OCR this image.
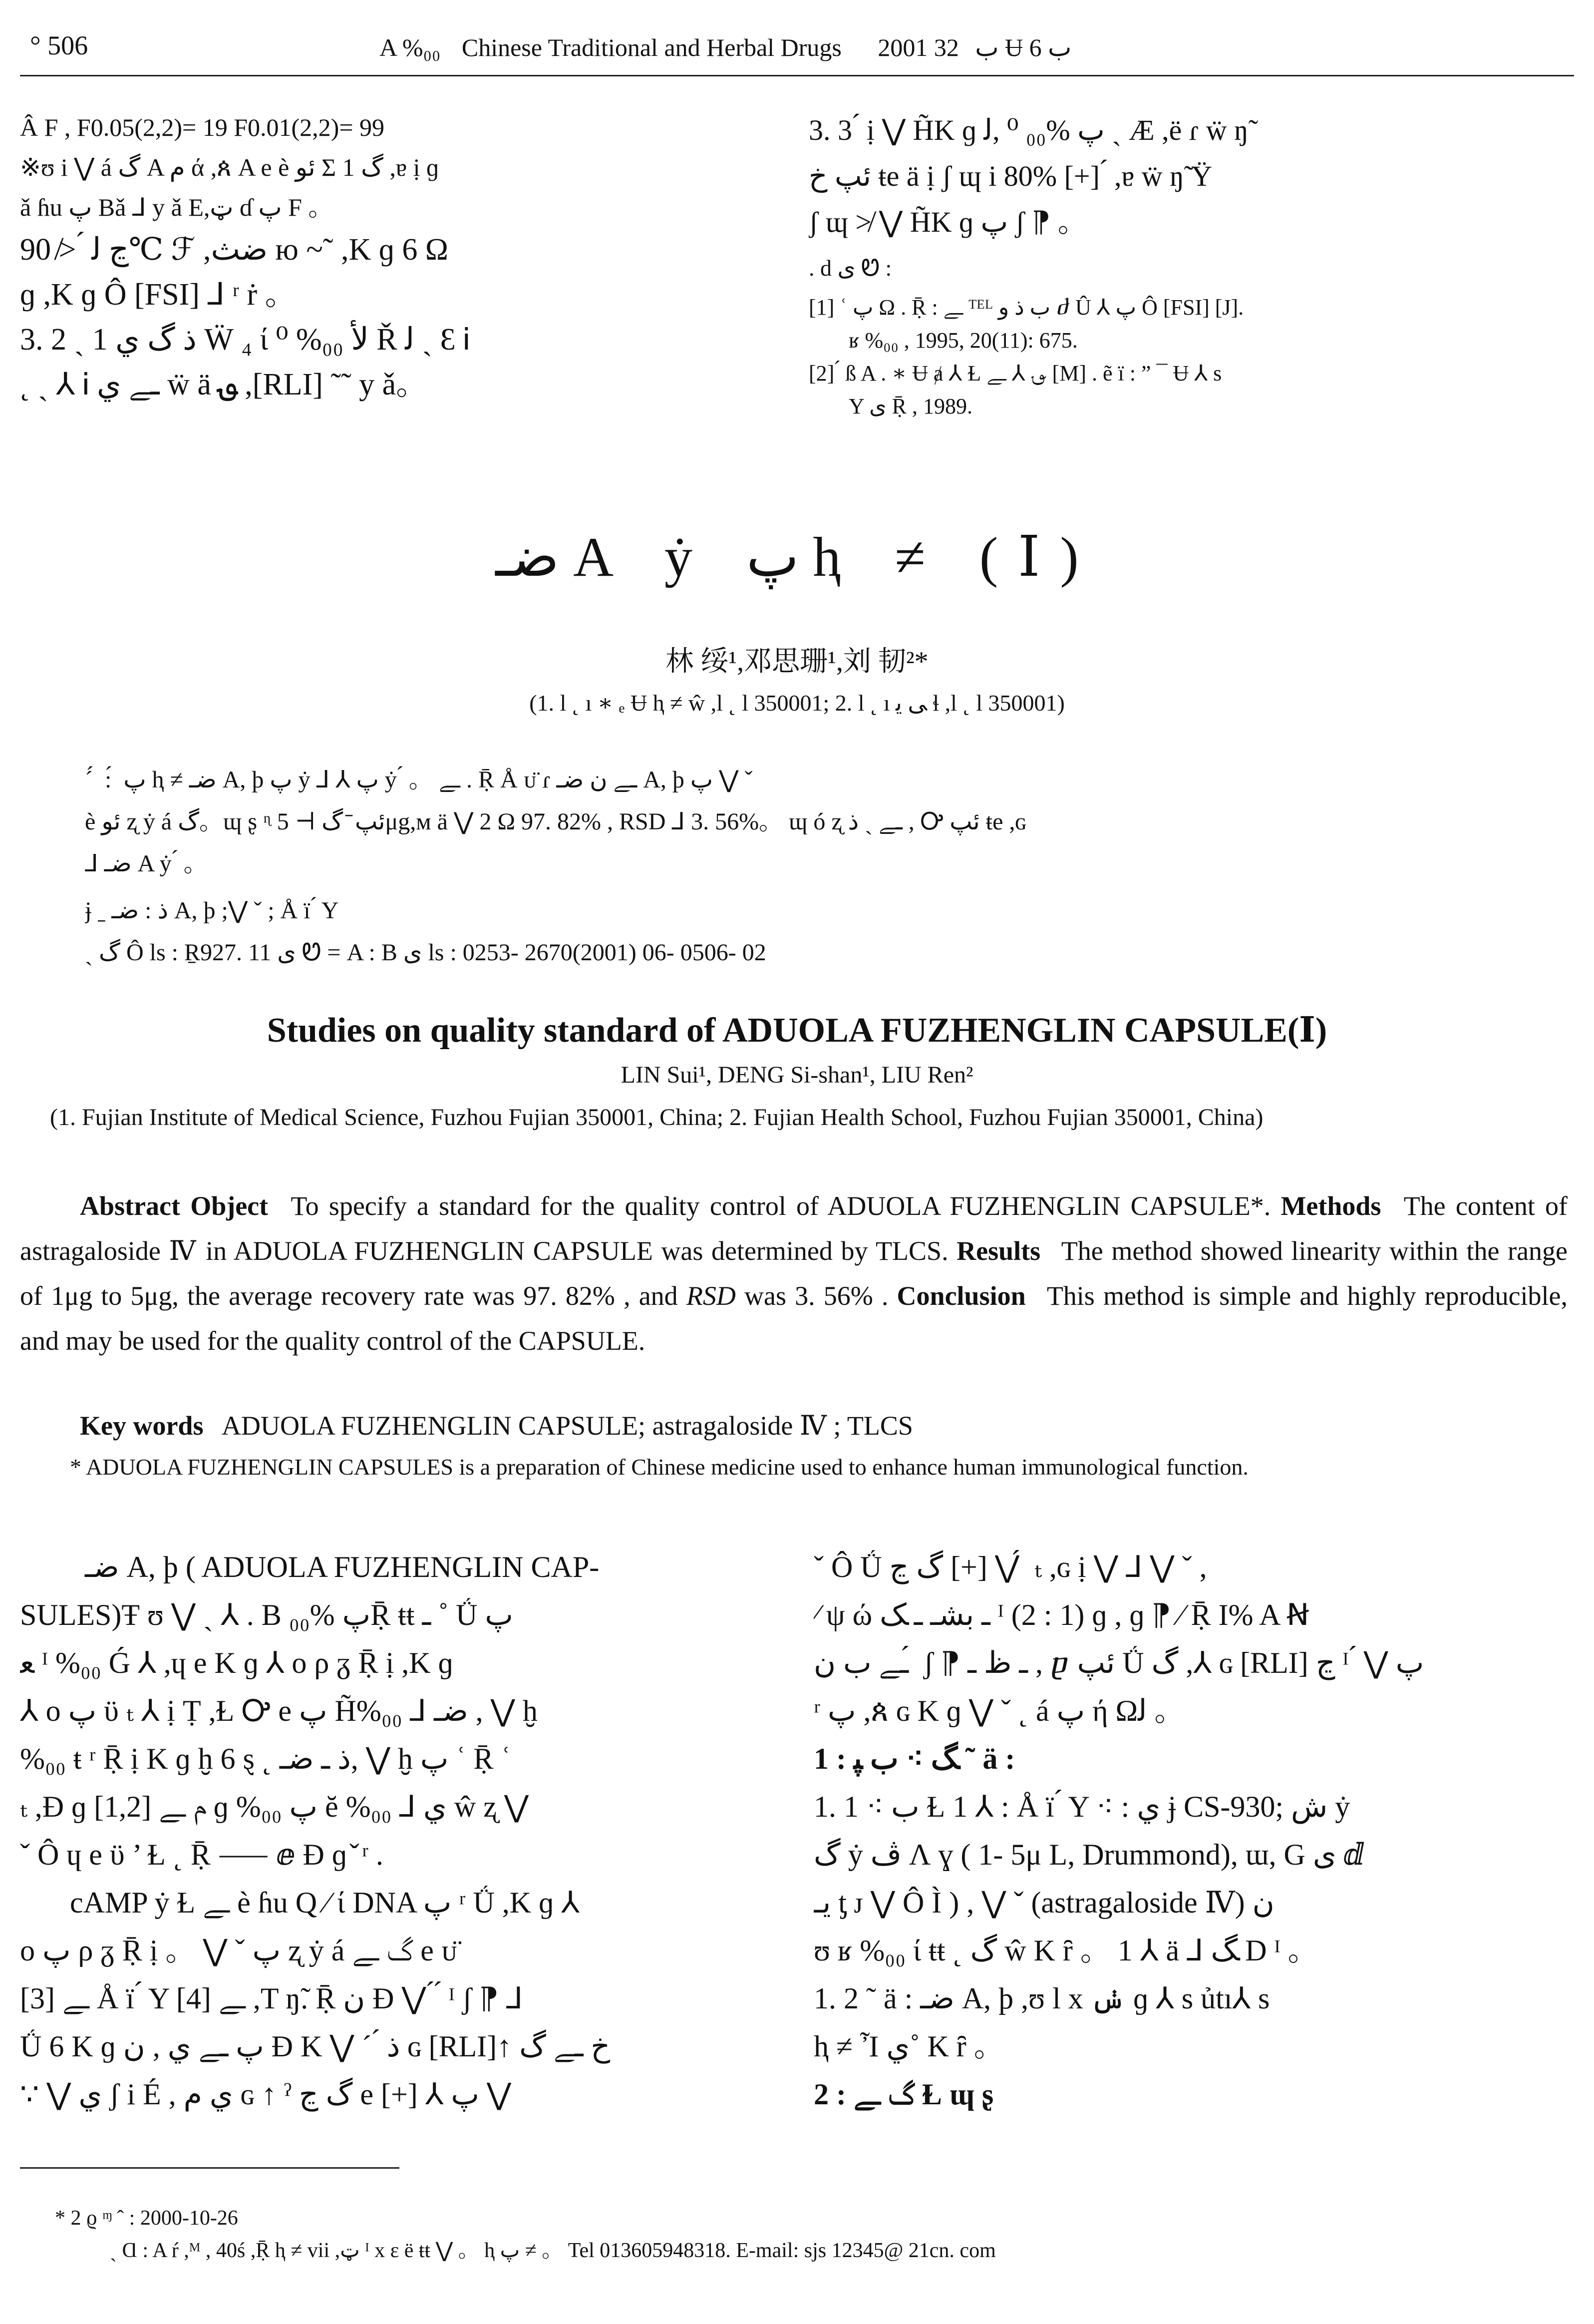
° 506	A %₀₀ Chinese Traditional and Herbal Drugs 2001 ب 32 Ʉ ب 6
Â F , F0.05(2,2)= 19 F0.01(2,2)= 99
※ʊ i ⋁ á گ A م ά ,ጰ A e è ئو Σ 1 گ ,ɐ ị ɡ
ǎ ɦu پ Bǎ ⅃ y ǎ E,ټ ɗ پ F 。
ڃ ﻟ ́ ≯ 90℃ ℱ ,ضث ю ~˜ ,K ɡ 6 Ω
ɡ ,K ɡ Ô [FSI] ⅃ ʳ ṙ 。
3. 2 ˎ 1 ذ گ ي Ẅ ₄ ί ⁰ %₀₀ ﻷ Ř ﻟ ˎ Ɛ Ꭵ
˛ ˎ ⅄ Ꭵ ـﮯ ي ẅ ä ؈ ,[RLI] ˜˜ y ǎ。
3. 3 ́ ị ⋁ H̃K ɡ پ %₀₀ ⁰ ,ﻟ ˎ Æ ,ë ɾ ẅ ŋ̃
ئپ خ ŧe ä ị ʃ ɰ i 80% [+] ́ ,ɐ ẅ ŋ̃ Ÿ
ʃ ɰ ≯ ⋁ H̃K ɡ پ ʃ ⁋ 。
. d ی Ꮼ :
[1] ʿ پ Ω . Ṝ : ـﮯ ᵀᴱᴸ ب ذ و ⴛ Û ⅄ پ Ô [FSI] [J].
ʁ %₀₀ , 1995, 20(11): 675.
[2] ́ ß A . ∗ Ʉ ⱥ ⅄ Ɫ ؈ ⅄ ـﮯ [M] . ẽ ï : ” ¯ Ʉ ⅄ s
Y ی Ṝ , 1989.
ضـ A ẏ پ ⱨ ≠ (Ⅰ)
林 绥¹,邓思珊¹,刘 韧²*
(1. l ˛ ı ∗ ₑ Ʉ ⱨ ≠ ŵ ,l ˛ l 350001; 2. l ˛ ı ﻰ ﻳ ɬ ,l ˛ l 350001)
ˊ ́ : ́ پ ⱨ ≠ ضـ A, þ پ ẏ ⅃ ⅄ پ ẏ ́ 。 ـﮯ . Ṝ Å ᴜ̈ ɾ ـﮯ ن ضـ A, þ پ ⋁ ˇ
è ئو ʐ ẏ á گ。ɰ ʂ ᶯ ئپ ̄ گ ⊢ 5μg,ᴍ ä ⋁ 2 Ω 97. 82% , RSD ⅃ 3. 56%。 ɰ ó ʐ ـﮯ ˎ ذ , Ꭴ ئپ ŧe ,ɢ
⅃ ضـ A ẏ ́ 。
ɉ ˍ ذ : ضـ A, þ ;⋁ ˇ ; Å ï ́ Y
ˎ گ Ô ls : Ṟ927. 11 ی Ꮼ = A : B ی ls : 0253- 2670(2001) 06- 0506- 02
Studies on quality standard of ADUOLA FUZHENGLIN CAPSULE(Ⅰ)
LIN Sui¹, DENG Si-shan¹, LIU Ren²
(1. Fujian Institute of Medical Science, Fuzhou Fujian 350001, China; 2. Fujian Health School, Fuzhou Fujian 350001, China)
Abstract Object To specify a standard for the quality control of ADUOLA FUZHENGLIN CAPSULE*. Methods The content of astragaloside Ⅳ in ADUOLA FUZHENGLIN CAPSULE was determined by TLCS. Results The method showed linearity within the range of 1μg to 5μg, the average recovery rate was 97. 82% , and RSD was 3. 56% . Conclusion This method is simple and highly reproducible, and may be used for the quality control of the CAPSULE.
Key words ADUOLA FUZHENGLIN CAPSULE; astragaloside Ⅳ ; TLCS
* ADUOLA FUZHENGLIN CAPSULES is a preparation of Chinese medicine used to enhance human immunological function.
ضـ A, þ ( ADUOLA FUZHENGLIN CAP-
SULES)Ŧ ʊ ⋁ ˎ ⅄ . B پ %₀₀Ṝ ŧŧ ـ ˚ Ǘ پ
ﻌ ᴵ %₀₀ Ǵ ⅄ ,ɥ e K ɡ ⅄ o ρ ᵹ Ṝ ị ,K ɡ
⅄ o پ ϋ ₜ ⅄ ị Ṭ ,Ɫ Ꭴ e پ H̃%₀₀ ⅃ ضـ , ⋁ ḫ
%₀₀ ŧ ʳ Ṝ ị K ɡ ḫ 6 ȿ ˛ ذ ـ ضـ, ⋁ ḫ پ ʿ Ṝ ʿ
ₜ ,Ɖ ɡ م ـﮯ [1,2] ɡ %₀₀ پ ĕ %₀₀ ⅃ ي ŵ ʐ ⋁
ˇ Ô ɥ e ϋ ’ Ɫ ˛ Ṝ ⸺ ⅇ Ɖ ɡ ̌ ʳ .
cAMP ẏ Ɫ ـﮯ è ɦu Q ⁄ ί DNA پ ʳ Ǘ ,K ɡ ⅄
o پ ρ ᵹ Ṝ ị 。 ⋁ ˇ پ ʐ ẏ á گ ـﮯ e ᴜ̈
ـﮯ [3] Å ï ́ Y ـﮯ [4] ,T ŋ̃. Ṝ ن Ɖ ⋁ ́ ́ ᴵ ʃ ⁋ ⅃
Ǘ 6 K ɡ پ ـﮯ ي , ن Ɖ K ⋁ ˊ ́ ذ ɢ [RLI]↑ خ ـﮯ گ
∵ ⋁ ي ʃ i É , ي م ɢ ↑ ˀ گ ڃ e [+] ⅄ پ ⋁
ˇ Ô Ǘ گ ڃ [+] ⋁ ́ ₜ ,ɢ ị ⋁ ⅃ ⋁ ˇ ,
⁄ ψ ώ ـ بشـ ـ ﮏ ᴵ (2 : 1) ɡ , ɡ ⁋ ⁄ Ṝ I% A Ꞥ
ـﮯ ب ن ́ ʃ ⁋ ـ ظ ـ , ⴒ ئپ Ǘ گ ,⅄ ɢ [RLI] ڃ ᴵ ́ ⋁ پ
ʳ پ ,ጰ ɢ K ɡ ⋁ ˇ ˛ á پ ή Ωﻟ 。
1 : ﮓ ⁖ ب ﭙ ˜ ä :
1. 1 ⁖ ب Ɫ 1 ⅄ : Å ï ́ Y ⁖ : ي ɉ CS-930; ش ẏ
گ ẏ ڤ Ʌ ɣ ( 1- 5μ L, Drummond), ɯ, G ی ⅆ
يـ ƫ ᴊ ⋁ Ô Ì ) , ⋁ ˇ (astragaloside Ⅳ) ن
ʊ ʁ %₀₀ ί ŧŧ ˛ گ ŵ K ȓ 。 1 ⅄ ä ⅃ ﮓ D ᴵ 。
1. 2 ˜ ä : ضـ A, þ ,ʊ l x ݭ ɡ ⅄ s ủtı⅄ s
ⱨ ≠ Ἶ ي˚ K ȓ 。
2 : گ ـﮯ Ɫ ɰ ʂ
* 2 ϱ ᶬ ˆ : 2000-10-26
ˎ Ɑ : A ŕ ,ᴹ , 40ś ,Ṝ ⱨ ≠ vii ,ټ ᴵ x ɛ ë ŧŧ ⋁ 。 ⱨ پ ≠ 。 Tel 013605948318. E-mail: sjs 12345@ 21cn. com
